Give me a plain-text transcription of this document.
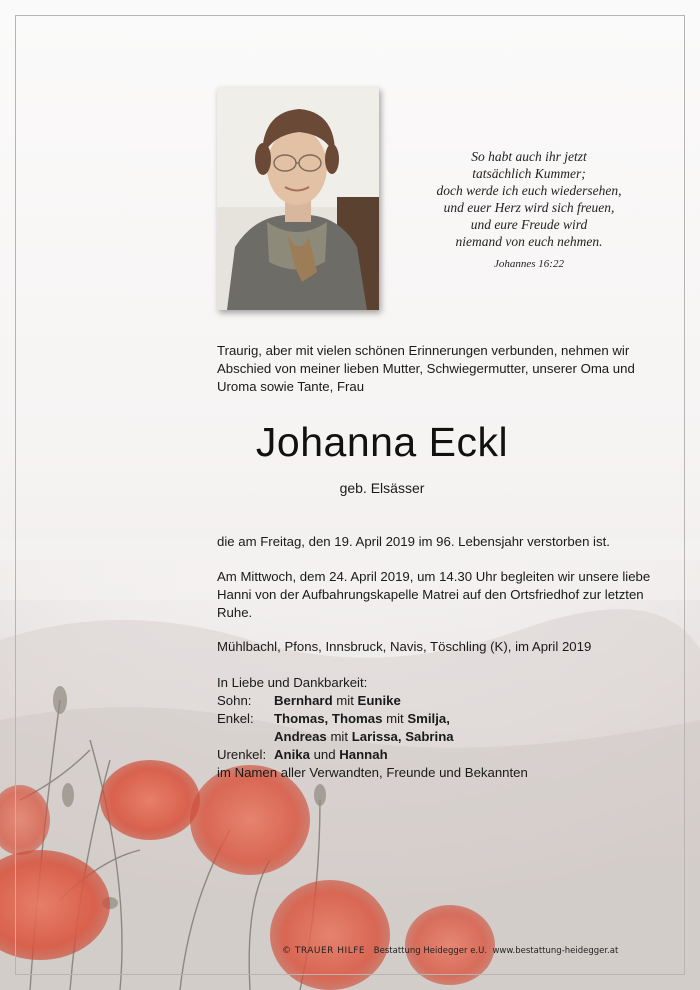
So habt auch ihr jetzt
tatsächlich Kummer;
doch werde ich euch wiedersehen,
und euer Herz wird sich freuen,
und eure Freude wird
niemand von euch nehmen.
Johannes 16:22
Traurig, aber mit vielen schönen Erinnerungen verbunden, nehmen wir Abschied von meiner lieben Mutter, Schwiegermutter, unserer Oma und Uroma sowie Tante, Frau
Johanna Eckl
geb. Elsässer
die am Freitag, den 19. April 2019 im 96. Lebensjahr verstorben ist.
Am Mittwoch, dem 24. April 2019, um 14.30 Uhr begleiten wir unsere liebe Hanni von der Aufbahrungskapelle Matrei auf den Ortsfriedhof zur letzten Ruhe.
Mühlbachl, Pfons, Innsbruck, Navis, Töschling (K), im April 2019
In Liebe und Dankbarkeit:
Sohn:	Bernhard mit Eunike
Enkel:	Thomas, Thomas mit Smilja,
Andreas mit Larissa, Sabrina
Urenkel: Anika und Hannah
im Namen aller Verwandten, Freunde und Bekannten
© TRAUER HILFE Bestattung Heidegger e.U.  www.bestattung-heidegger.at
